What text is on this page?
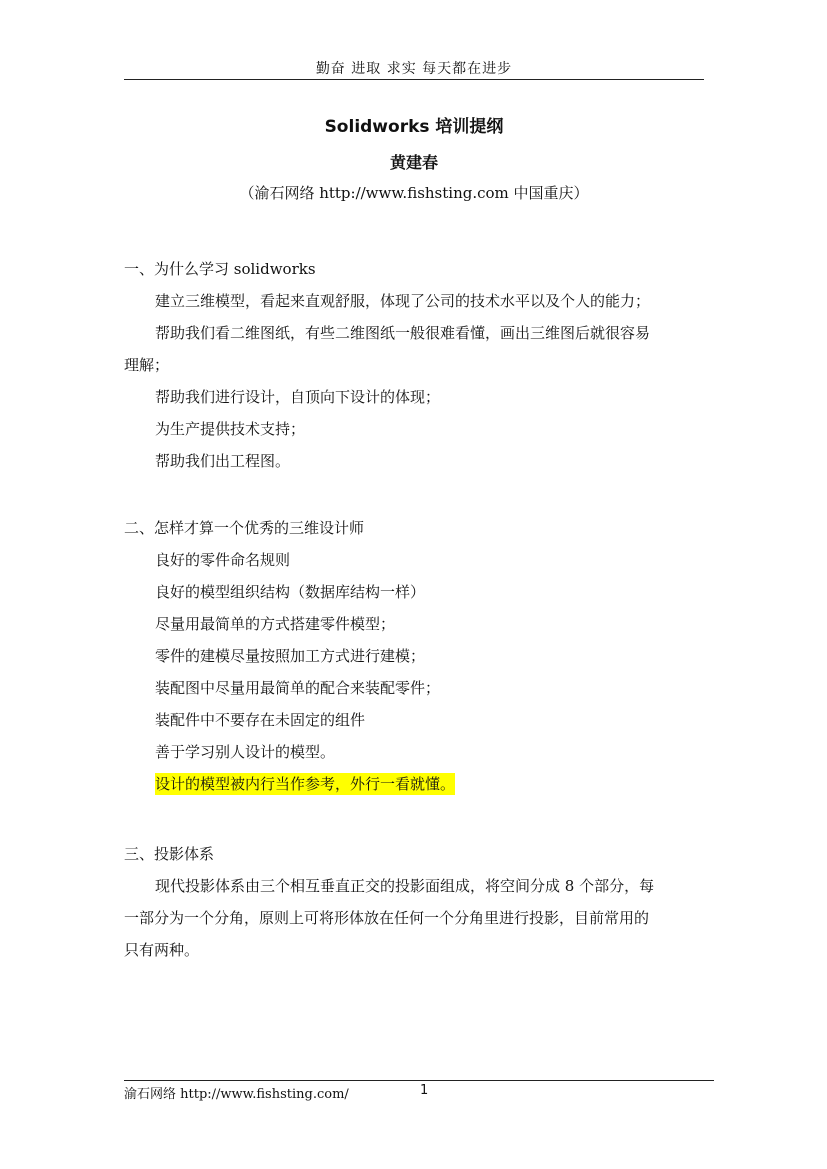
勤奋 进取 求实 每天都在进步
Solidworks 培训提纲
黄建春
（渝石网络 http://www.fishsting.com 中国重庆）
一、为什么学习 solidworks
建立三维模型，看起来直观舒服，体现了公司的技术水平以及个人的能力；
帮助我们看二维图纸，有些二维图纸一般很难看懂，画出三维图后就很容易
理解；
帮助我们进行设计，自顶向下设计的体现；
为生产提供技术支持；
帮助我们出工程图。
二、怎样才算一个优秀的三维设计师
良好的零件命名规则
良好的模型组织结构（数据库结构一样）
尽量用最简单的方式搭建零件模型；
零件的建模尽量按照加工方式进行建模；
装配图中尽量用最简单的配合来装配零件；
装配件中不要存在未固定的组件
善于学习别人设计的模型。
设计的模型被内行当作参考，外行一看就懂。
三、投影体系
现代投影体系由三个相互垂直正交的投影面组成，将空间分成 8 个部分，每
一部分为一个分角，原则上可将形体放在任何一个分角里进行投影，目前常用的
只有两种。
渝石网络 http://www.fishsting.com/	1
